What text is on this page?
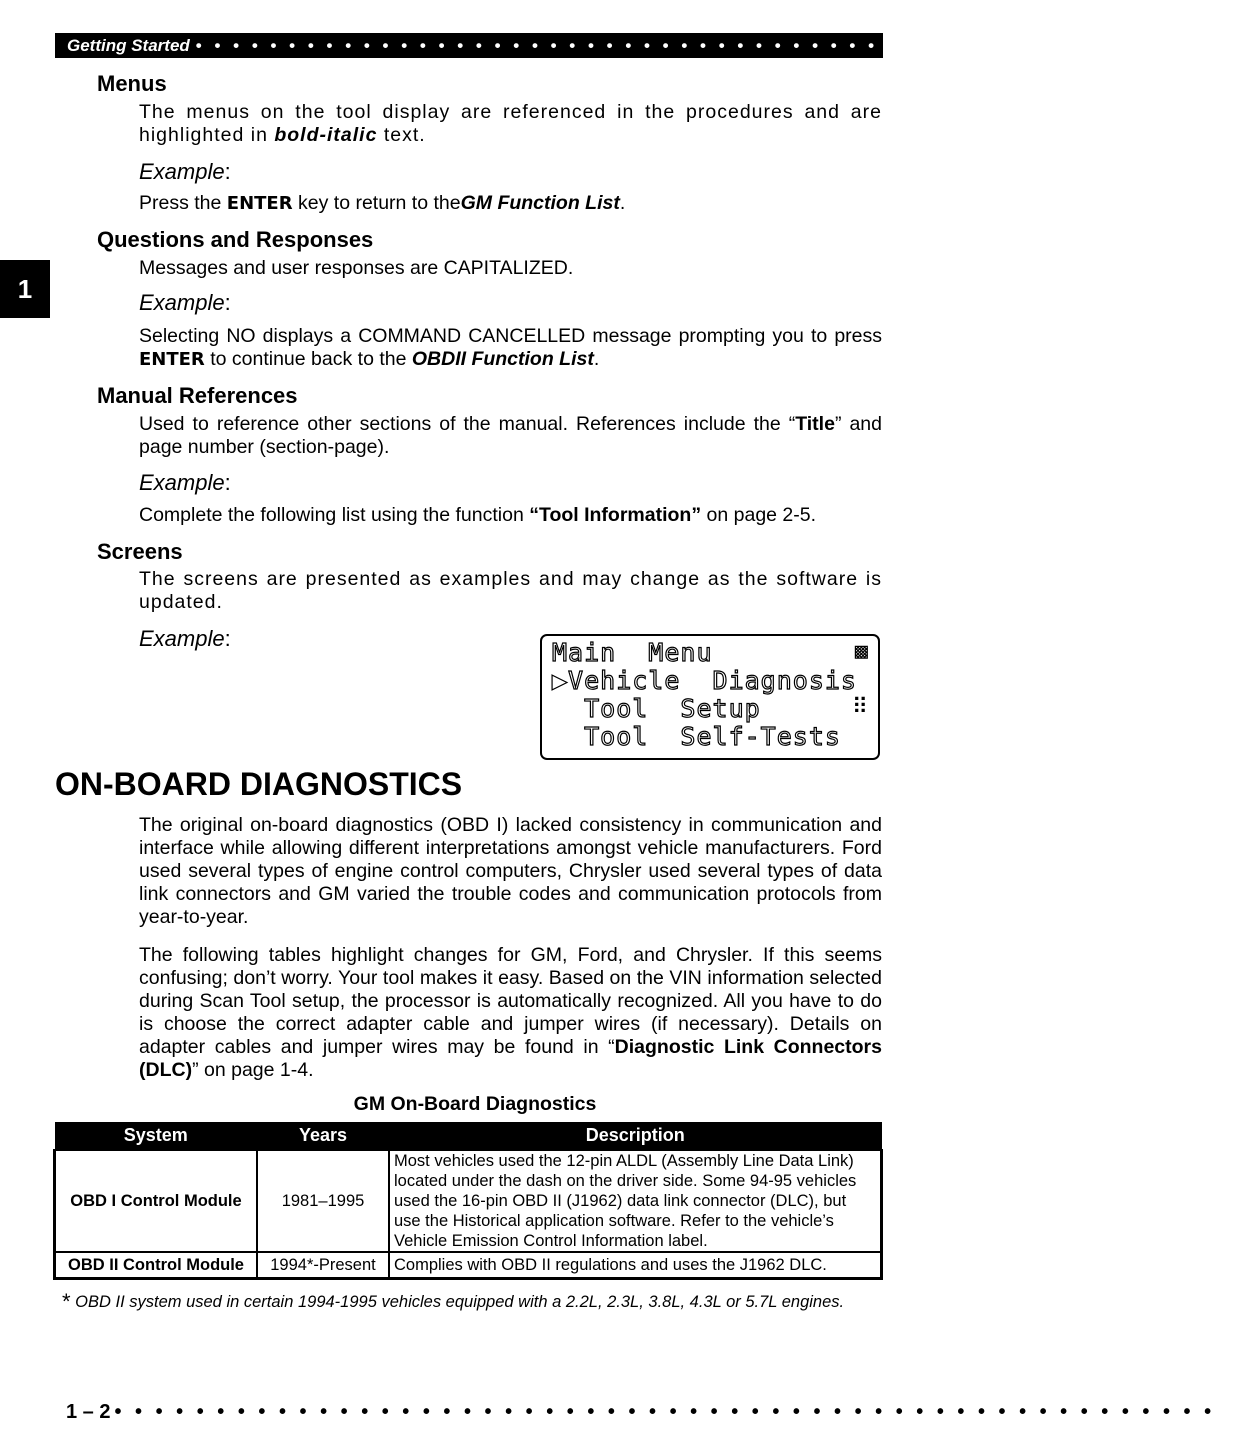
Getting Started • • • • • • • • • • • • • • • • • • • • • • • • • • • • • • • • • • • • • • • • • • • • • • • • • • • • • • • •
1
Menus

The menus on the tool display are referenced in the procedures and are highlighted in bold-italic text.

Example:

Press the ENTER key to return to theGM Function List.

Questions and Responses

Messages and user responses are CAPITALIZED.

Example:

Selecting NO displays a COMMAND CANCELLED message prompting you to press ENTER to continue back to the OBDII Function List.

Manual References

Used to reference other sections of the manual. References include the “Title” and page number (section-page).

Example:

Complete the following list using the function “Tool Information” on page 2-5.

Screens

The screens are presented as examples and may change as the software is updated.

Example:	Main  Menu	▩
▶Vehicle  Diagnosis
Tool  Setup	⠿
Tool  Self-Tests
ON-BOARD DIAGNOSTICS

The original on-board diagnostics (OBD I) lacked consistency in communication and interface while allowing different interpretations amongst vehicle manufacturers. Ford used several types of engine control computers, Chrysler used several types of data link connectors and GM varied the trouble codes and communication protocols from year-to-year.

The following tables highlight changes for GM, Ford, and Chrysler. If this seems confusing; don’t worry. Your tool makes it easy. Based on the VIN information selected during Scan Tool setup, the processor is automatically recognized. All you have to do is choose the correct adapter cable and jumper wires (if necessary). Details on adapter cables and jumper wires may be found in “Diagnostic Link Connectors (DLC)” on page 1-4.

GM On-Board Diagnostics
System	Years	Description
OBD I Control Module	1981–1995	Most vehicles used the 12-pin ALDL (Assembly Line Data Link) located under the dash on the driver side. Some 94-95 vehicles used the 16-pin OBD II (J1962) data link connector (DLC), but use the Historical application software. Refer to the vehicle’s Vehicle Emission Control Information label.
OBD II Control Module	1994*-Present	Complies with OBD II regulations and uses the J1962 DLC.
* OBD II system used in certain 1994-1995 vehicles equipped with a 2.2L, 2.3L, 3.8L, 4.3L or 5.7L engines.
1 – 2 • • • • • • • • • • • • • • • • • • • • • • • • • • • • • • • • • • • • • • • • • • • • • • • • • • • • • •
